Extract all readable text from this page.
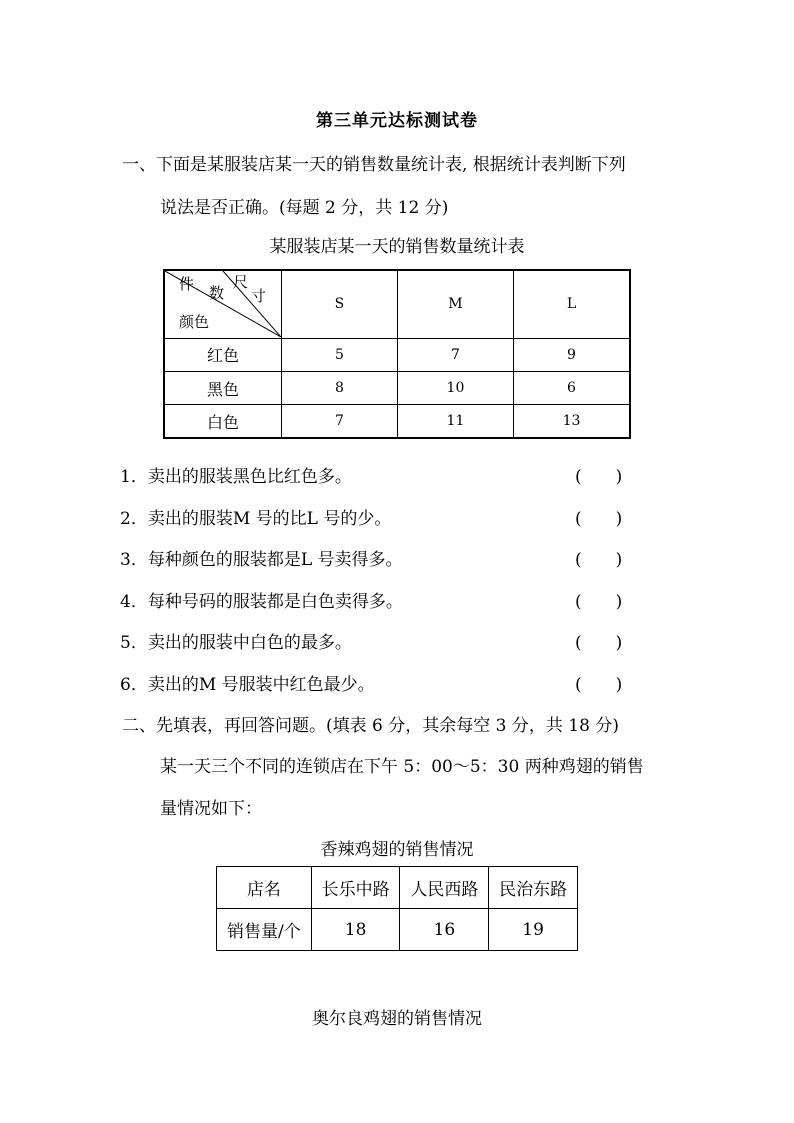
第三单元达标测试卷
一、下面是某服装店某一天的销售数量统计表, 根据统计表判断下列
说法是否正确。(每题 2 分，共 12 分)
某服装店某一天的销售数量统计表
件 数
尺
寸
颜色	S	M	L
红色	5	7	9
黑色	8	10	6
白色	7	11	13
1．卖出的服装黑色比红色多。	(　　)
2．卖出的服装M 号的比L 号的少。	(　　)
3．每种颜色的服装都是L 号卖得多。	(　　)
4．每种号码的服装都是白色卖得多。	(　　)
5．卖出的服装中白色的最多。	(　　)
6．卖出的M 号服装中红色最少。	(　　)
二、先填表，再回答问题。(填表 6 分，其余每空 3 分，共 18 分)
某一天三个不同的连锁店在下午 5：00～5：30 两种鸡翅的销售
量情况如下：
香辣鸡翅的销售情况
店名	长乐中路	人民西路	民治东路
销售量/个	18	16	19
奥尔良鸡翅的销售情况
